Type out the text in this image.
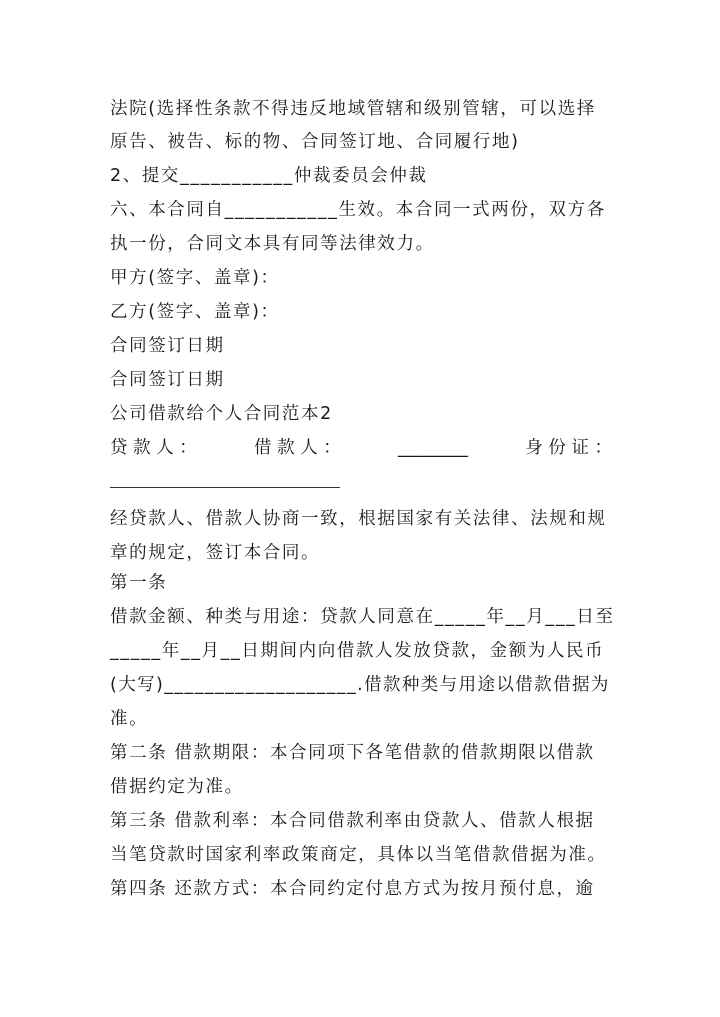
法院(选择性条款不得违反地域管辖和级别管辖，可以选择

原告、被告、标的物、合同签订地、合同履行地)

2、提交___________仲裁委员会仲裁

六、本合同自___________生效。本合同一式两份，双方各

执一份，合同文本具有同等法律效力。

甲方(签字、盖章)：

乙方(签字、盖章)：

合同签订日期

合同签订日期

公司借款给个人合同范本2

贷 款 人 ：	借 款 人 ：	________	身 份 证 ：

经贷款人、借款人协商一致，根据国家有关法律、法规和规

章的规定，签订本合同。

第一条

借款金额、种类与用途：贷款人同意在_____年__月___日至

_____年__月__日期间内向借款人发放贷款，金额为人民币

(大写)___________________.借款种类与用途以借款借据为

准。

第二条 借款期限：本合同项下各笔借款的借款期限以借款

借据约定为准。

第三条 借款利率：本合同借款利率由贷款人、借款人根据

当笔贷款时国家利率政策商定，具体以当笔借款借据为准。

第四条 还款方式：本合同约定付息方式为按月预付息，逾
